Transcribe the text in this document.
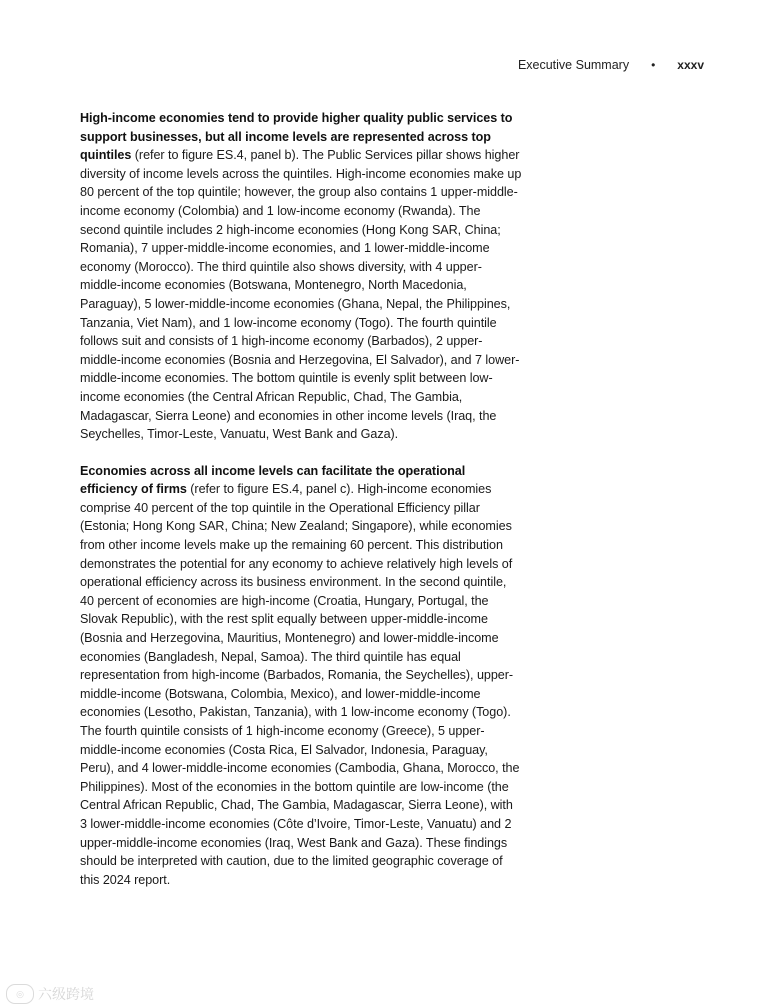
Executive Summary • xxxv

High-income economies tend to provide higher quality public services to support businesses, but all income levels are represented across top quintiles (refer to figure ES.4, panel b). The Public Services pillar shows higher diversity of income levels across the quintiles. High-income economies make up 80 percent of the top quintile; however, the group also contains 1 upper-middle-income economy (Colombia) and 1 low-income economy (Rwanda). The second quintile includes 2 high-income economies (Hong Kong SAR, China; Romania), 7 upper-middle-income economies, and 1 lower-middle-income economy (Morocco). The third quintile also shows diversity, with 4 upper-middle-income economies (Botswana, Montenegro, North Macedonia, Paraguay), 5 lower-middle-income economies (Ghana, Nepal, the Philippines, Tanzania, Viet Nam), and 1 low-income economy (Togo). The fourth quintile follows suit and consists of 1 high-income economy (Barbados), 2 upper-middle-income economies (Bosnia and Herzegovina, El Salvador), and 7 lower-middle-income economies. The bottom quintile is evenly split between low-income economies (the Central African Republic, Chad, The Gambia, Madagascar, Sierra Leone) and economies in other income levels (Iraq, the Seychelles, Timor-Leste, Vanuatu, West Bank and Gaza).

Economies across all income levels can facilitate the operational efficiency of firms (refer to figure ES.4, panel c). High-income economies comprise 40 percent of the top quintile in the Operational Efficiency pillar (Estonia; Hong Kong SAR, China; New Zealand; Singapore), while economies from other income levels make up the remaining 60 percent. This distribution demonstrates the potential for any economy to achieve relatively high levels of operational efficiency across its business environment. In the second quintile, 40 percent of economies are high-income (Croatia, Hungary, Portugal, the Slovak Republic), with the rest split equally between upper-middle-income (Bosnia and Herzegovina, Mauritius, Montenegro) and lower-middle-income economies (Bangladesh, Nepal, Samoa). The third quintile has equal representation from high-income (Barbados, Romania, the Seychelles), upper-middle-income (Botswana, Colombia, Mexico), and lower-middle-income economies (Lesotho, Pakistan, Tanzania), with 1 low-income economy (Togo). The fourth quintile consists of 1 high-income economy (Greece), 5 upper-middle-income economies (Costa Rica, El Salvador, Indonesia, Paraguay, Peru), and 4 lower-middle-income economies (Cambodia, Ghana, Morocco, the Philippines). Most of the economies in the bottom quintile are low-income (the Central African Republic, Chad, The Gambia, Madagascar, Sierra Leone), with 3 lower-middle-income economies (Côte d’Ivoire, Timor-Leste, Vanuatu) and 2 upper-middle-income economies (Iraq, West Bank and Gaza). These findings should be interpreted with caution, due to the limited geographic coverage of this 2024 report.

◎	六级跨境
